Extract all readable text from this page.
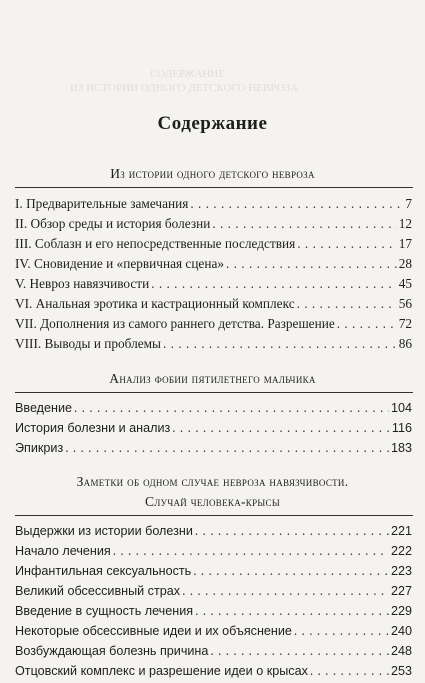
СОДЕРЖАНИЕ
ИЗ ИСТОРИИ ОДНОГО ДЕТСКОГО НЕВРОЗА
Содержание
Из истории одного детского невроза
I. Предварительные замечания . . .	7
II. Обзор среды и история болезни . . .	12
III. Соблазн и его непосредственные последствия . . .	17
IV. Сновидение и «первичная сцена» . . .	28
V. Невроз навязчивости . . .	45
VI. Анальная эротика и кастрационный комплекс . . .	56
VII. Дополнения из самого раннего детства. Разрешение . . .	72
VIII. Выводы и проблемы . . .	86
Анализ фобии пятилетнего мальчика
Введение . . .	104
История болезни и анализ . . .	116
Эпикриз . . .	183
Заметки об одном случае невроза навязчивости.
Случай человека-крысы
Выдержки из истории болезни . . .	221
Начало лечения . . .	222
Инфантильная сексуальность . . .	223
Великий обсессивный страх . . .	227
Введение в сущность лечения . . .	229
Некоторые обсессивные идеи и их объяснение . . .	240
Возбуждающая болезнь причина . . .	248
Отцовский комплекс и разрешение идеи о крысах . . .	253
